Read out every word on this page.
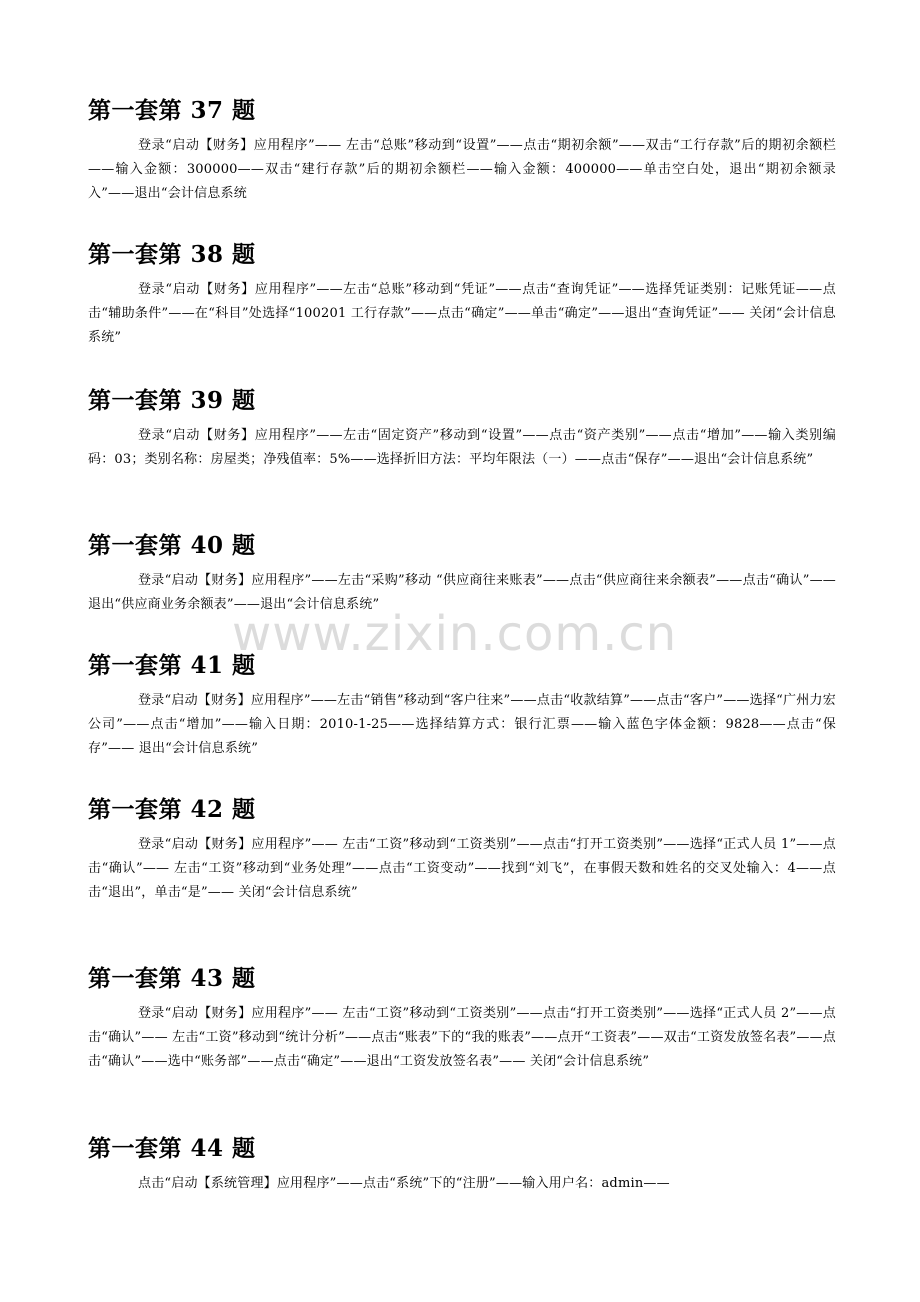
第一套第 37 题

登录“启动【财务】应用程序”—— 左击“总账”移动到“设置”——点击“期初余额”——双击“工行存款”后的期初余额栏——输入金额：300000——双击“建行存款”后的期初余额栏——输入金额：400000——单击空白处，退出“期初余额录入”——退出“会计信息系统

第一套第 38 题

登录“启动【财务】应用程序”——左击“总账”移动到“凭证”——点击“查询凭证”——选择凭证类别：记账凭证——点击“辅助条件”——在“科目”处选择“100201 工行存款”——点击“确定”——单击“确定”——退出“查询凭证”—— 关闭“会计信息系统”

第一套第 39 题

登录“启动【财务】应用程序”——左击“固定资产”移动到“设置”——点击“资产类别”——点击“增加”——输入类别编码：03；类别名称：房屋类；净残值率：5%——选择折旧方法：平均年限法（一）——点击“保存”——退出“会计信息系统”

第一套第 40 题

登录“启动【财务】应用程序”——左击“采购”移动 “供应商往来账表”——点击“供应商往来余额表”——点击“确认”——退出“供应商业务余额表”——退出“会计信息系统”

第一套第 41 题

登录“启动【财务】应用程序”——左击“销售”移动到“客户往来”——点击“收款结算”——点击“客户”——选择“广州力宏公司”——点击“增加”——输入日期：2010-1-25——选择结算方式：银行汇票——输入蓝色字体金额：9828——点击“保存”—— 退出“会计信息系统”

第一套第 42 题

登录“启动【财务】应用程序”—— 左击“工资”移动到“工资类别”——点击“打开工资类别”——选择“正式人员 1”——点击“确认”—— 左击“工资”移动到“业务处理”——点击“工资变动”——找到“刘飞”，在事假天数和姓名的交叉处输入：4——点击“退出”，单击“是”—— 关闭“会计信息系统”

第一套第 43 题

登录“启动【财务】应用程序”—— 左击“工资”移动到“工资类别”——点击“打开工资类别”——选择“正式人员 2”——点击“确认”—— 左击“工资”移动到“统计分析”——点击“账表”下的“我的账表”——点开“工资表”——双击“工资发放签名表”——点击“确认”——选中“账务部”——点击“确定”——退出“工资发放签名表”—— 关闭“会计信息系统”

第一套第 44 题

点击“启动【系统管理】应用程序”——点击“系统”下的“注册”——输入用户名：admin——

www.zixin.com.cn
